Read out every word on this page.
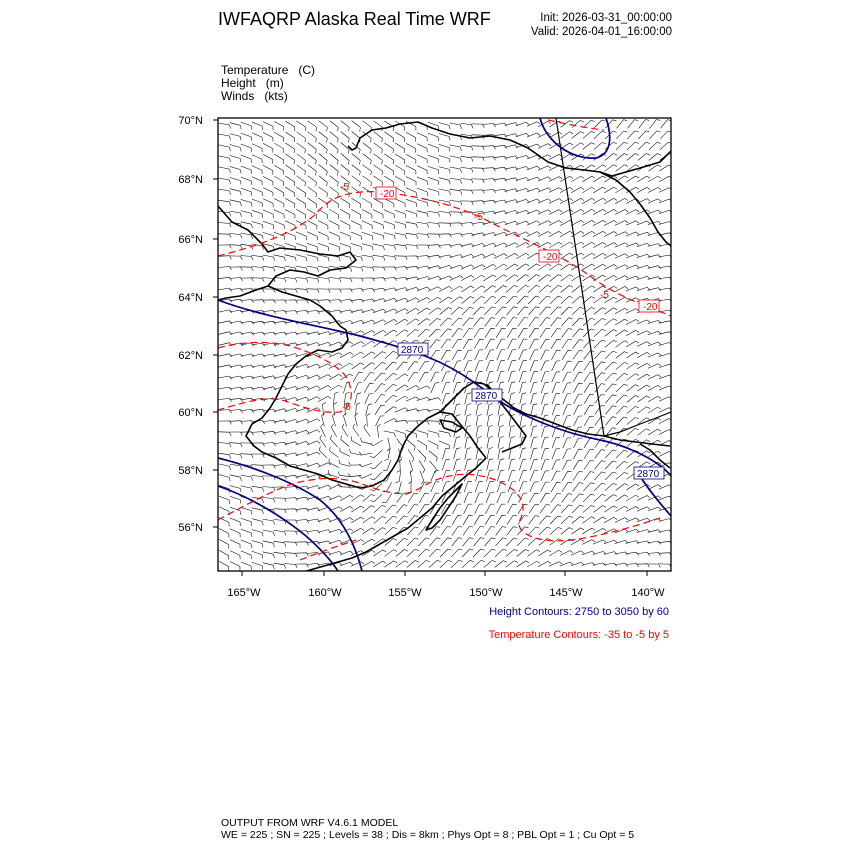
IWFAQRP Alaska Real Time WRF	Init: 2026-03-31_00:00:00
Valid: 2026-04-01_16:00:00
Temperature (C)
Height (m)
Winds (kts)
-20
-20
-20
-5
-5
-5
-5
2870
2870
2870
70°N
68°N
66°N
64°N
62°N
60°N
58°N
56°N
165°W	160°W	155°W	150°W	145°W	140°W
Height Contours: 2750 to 3050 by 60
Temperature Contours: -35 to -5 by 5
OUTPUT FROM WRF V4.6.1 MODEL
WE = 225 ; SN = 225 ; Levels = 38 ; Dis = 8km ; Phys Opt = 8 ; PBL Opt = 1 ; Cu Opt = 5
